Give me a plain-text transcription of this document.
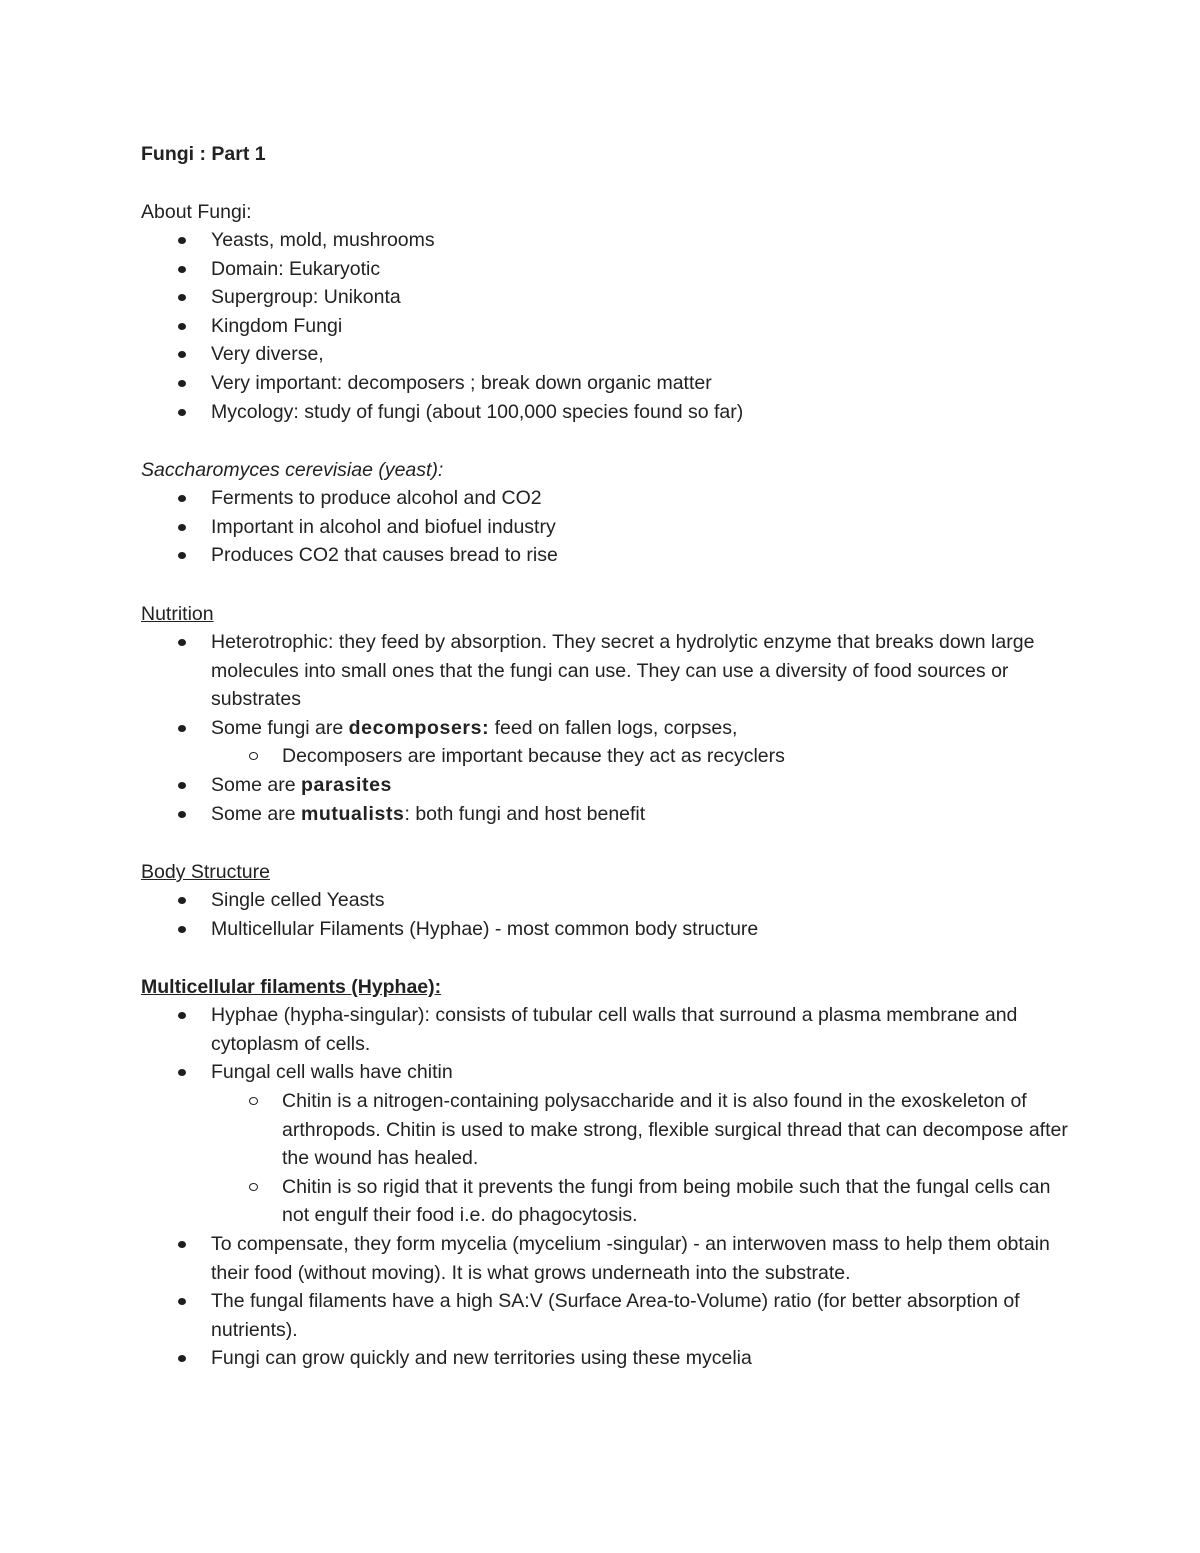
Fungi : Part 1

About Fungi:

Yeasts, mold, mushrooms
Domain: Eukaryotic
Supergroup: Unikonta
Kingdom Fungi
Very diverse,
Very important: decomposers ; break down organic matter
Mycology: study of fungi (about 100,000 species found so far)

Saccharomyces cerevisiae (yeast):

Ferments to produce alcohol and CO2
Important in alcohol and biofuel industry
Produces CO2 that causes bread to rise

Nutrition

Heterotrophic: they feed by absorption. They secret a hydrolytic enzyme that breaks down large molecules into small ones that the fungi can use. They can use a diversity of food sources or substrates
Some fungi are decomposers: feed on fallen logs, corpses,
Decomposers are important because they act as recyclers
Some are parasites
Some are mutualists: both fungi and host benefit

Body Structure

Single celled Yeasts
Multicellular Filaments (Hyphae) - most common body structure

Multicellular filaments (Hyphae):

Hyphae (hypha-singular): consists of tubular cell walls that surround a plasma membrane and cytoplasm of cells.
Fungal cell walls have chitin
Chitin is a nitrogen-containing polysaccharide and it is also found in the exoskeleton of arthropods. Chitin is used to make strong, flexible surgical thread that can decompose after the wound has healed.
Chitin is so rigid that it prevents the fungi from being mobile such that the fungal cells can not engulf their food i.e. do phagocytosis.
To compensate, they form mycelia (mycelium -singular) - an interwoven mass to help them obtain their food (without moving). It is what grows underneath into the substrate.
The fungal filaments have a high SA:V (Surface Area-to-Volume) ratio (for better absorption of nutrients).
Fungi can grow quickly and new territories using these mycelia
